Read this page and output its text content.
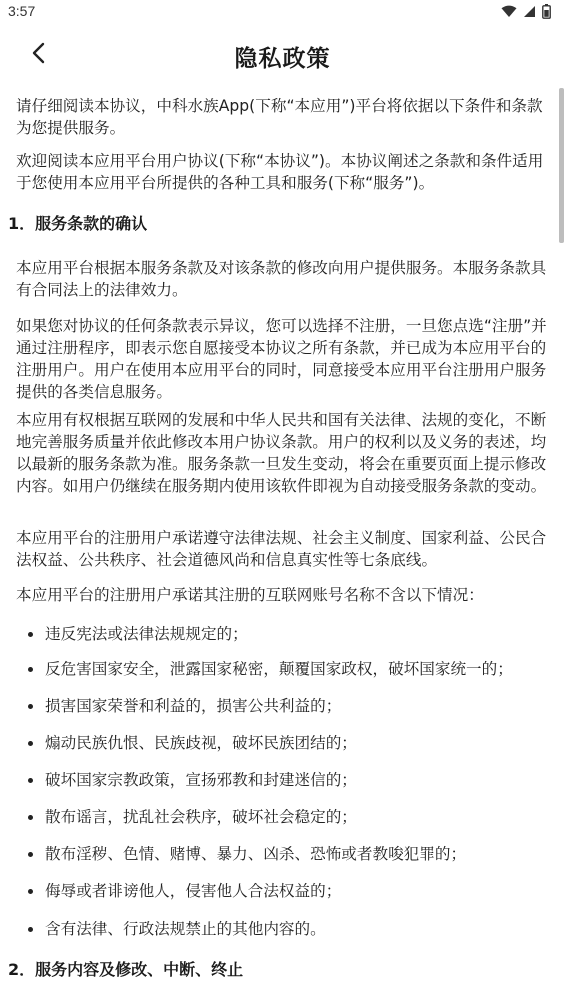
3:57
隐私政策

请仔细阅读本协议，中科水族App(下称“本应用”)平台将依据以下条件和条款为您提供服务。

欢迎阅读本应用平台用户协议(下称“本协议”)。本协议阐述之条款和条件适用于您使用本应用平台所提供的各种工具和服务(下称“服务”)。

1．服务条款的确认

本应用平台根据本服务条款及对该条款的修改向用户提供服务。本服务条款具有合同法上的法律效力。

如果您对协议的任何条款表示异议，您可以选择不注册，一旦您点选“注册”并通过注册程序，即表示您自愿接受本协议之所有条款，并已成为本应用平台的注册用户。用户在使用本应用平台的同时，同意接受本应用平台注册用户服务提供的各类信息服务。

本应用有权根据互联网的发展和中华人民共和国有关法律、法规的变化，不断地完善服务质量并依此修改本用户协议条款。用户的权利以及义务的表述，均以最新的服务条款为准。服务条款一旦发生变动，将会在重要页面上提示修改内容。如用户仍继续在服务期内使用该软件即视为自动接受服务条款的变动。

本应用平台的注册用户承诺遵守法律法规、社会主义制度、国家利益、公民合法权益、公共秩序、社会道德风尚和信息真实性等七条底线。

本应用平台的注册用户承诺其注册的互联网账号名称不含以下情况：

违反宪法或法律法规规定的；
反危害国家安全，泄露国家秘密，颠覆国家政权，破坏国家统一的；
损害国家荣誉和利益的，损害公共利益的；
煽动民族仇恨、民族歧视，破坏民族团结的；
破坏国家宗教政策，宣扬邪教和封建迷信的；
散布谣言，扰乱社会秩序，破坏社会稳定的；
散布淫秽、色情、赌博、暴力、凶杀、恐怖或者教唆犯罪的；
侮辱或者诽谤他人，侵害他人合法权益的；
含有法律、行政法规禁止的其他内容的。
2．服务内容及修改、中断、终止
